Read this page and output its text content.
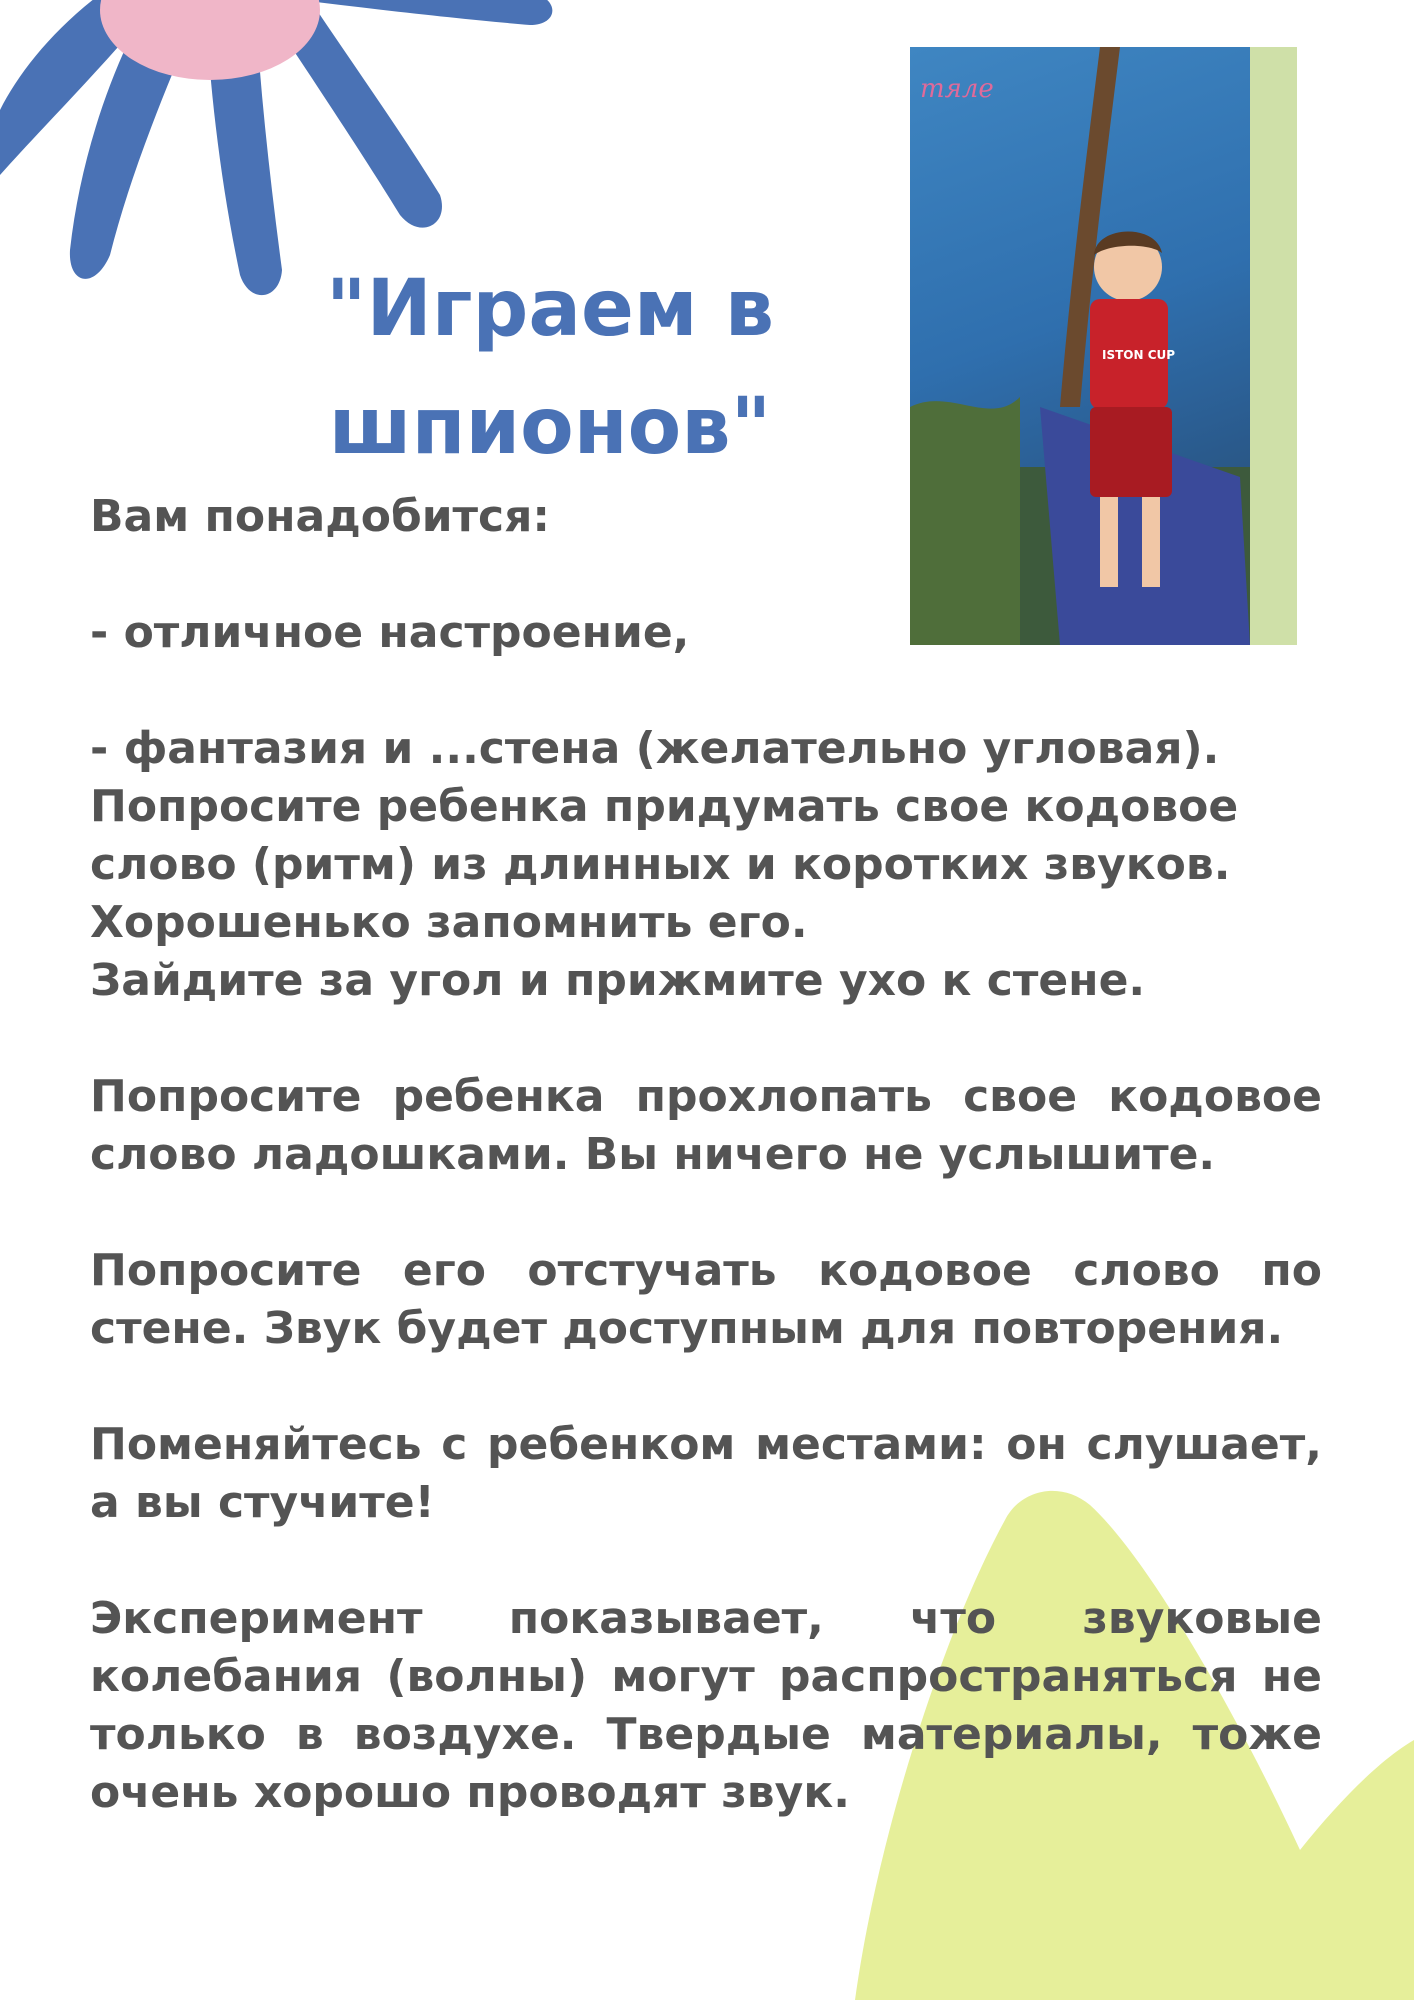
"Играем в шпионов"
тяле
ISTON CUP

Вам понадобится:

- отличное настроение,

- фантазия и ...стена (желательно угловая).

Попросите ребенка придумать свое кодовое

слово (ритм) из длинных и коротких звуков.

Хорошенько запомнить его.

Зайдите за угол и прижмите ухо к стене.

Попросите ребенка прохлопать свое кодовое слово ладошками. Вы ничего не услышите.

Попросите его отстучать кодовое слово по стене. Звук будет доступным для повторения.

Поменяйтесь с ребенком местами: он слушает, а вы стучите!

Эксперимент показывает, что звуковые колебания (волны) могут распространяться не только в воздухе. Твердые материалы, тоже очень хорошо проводят звук.
